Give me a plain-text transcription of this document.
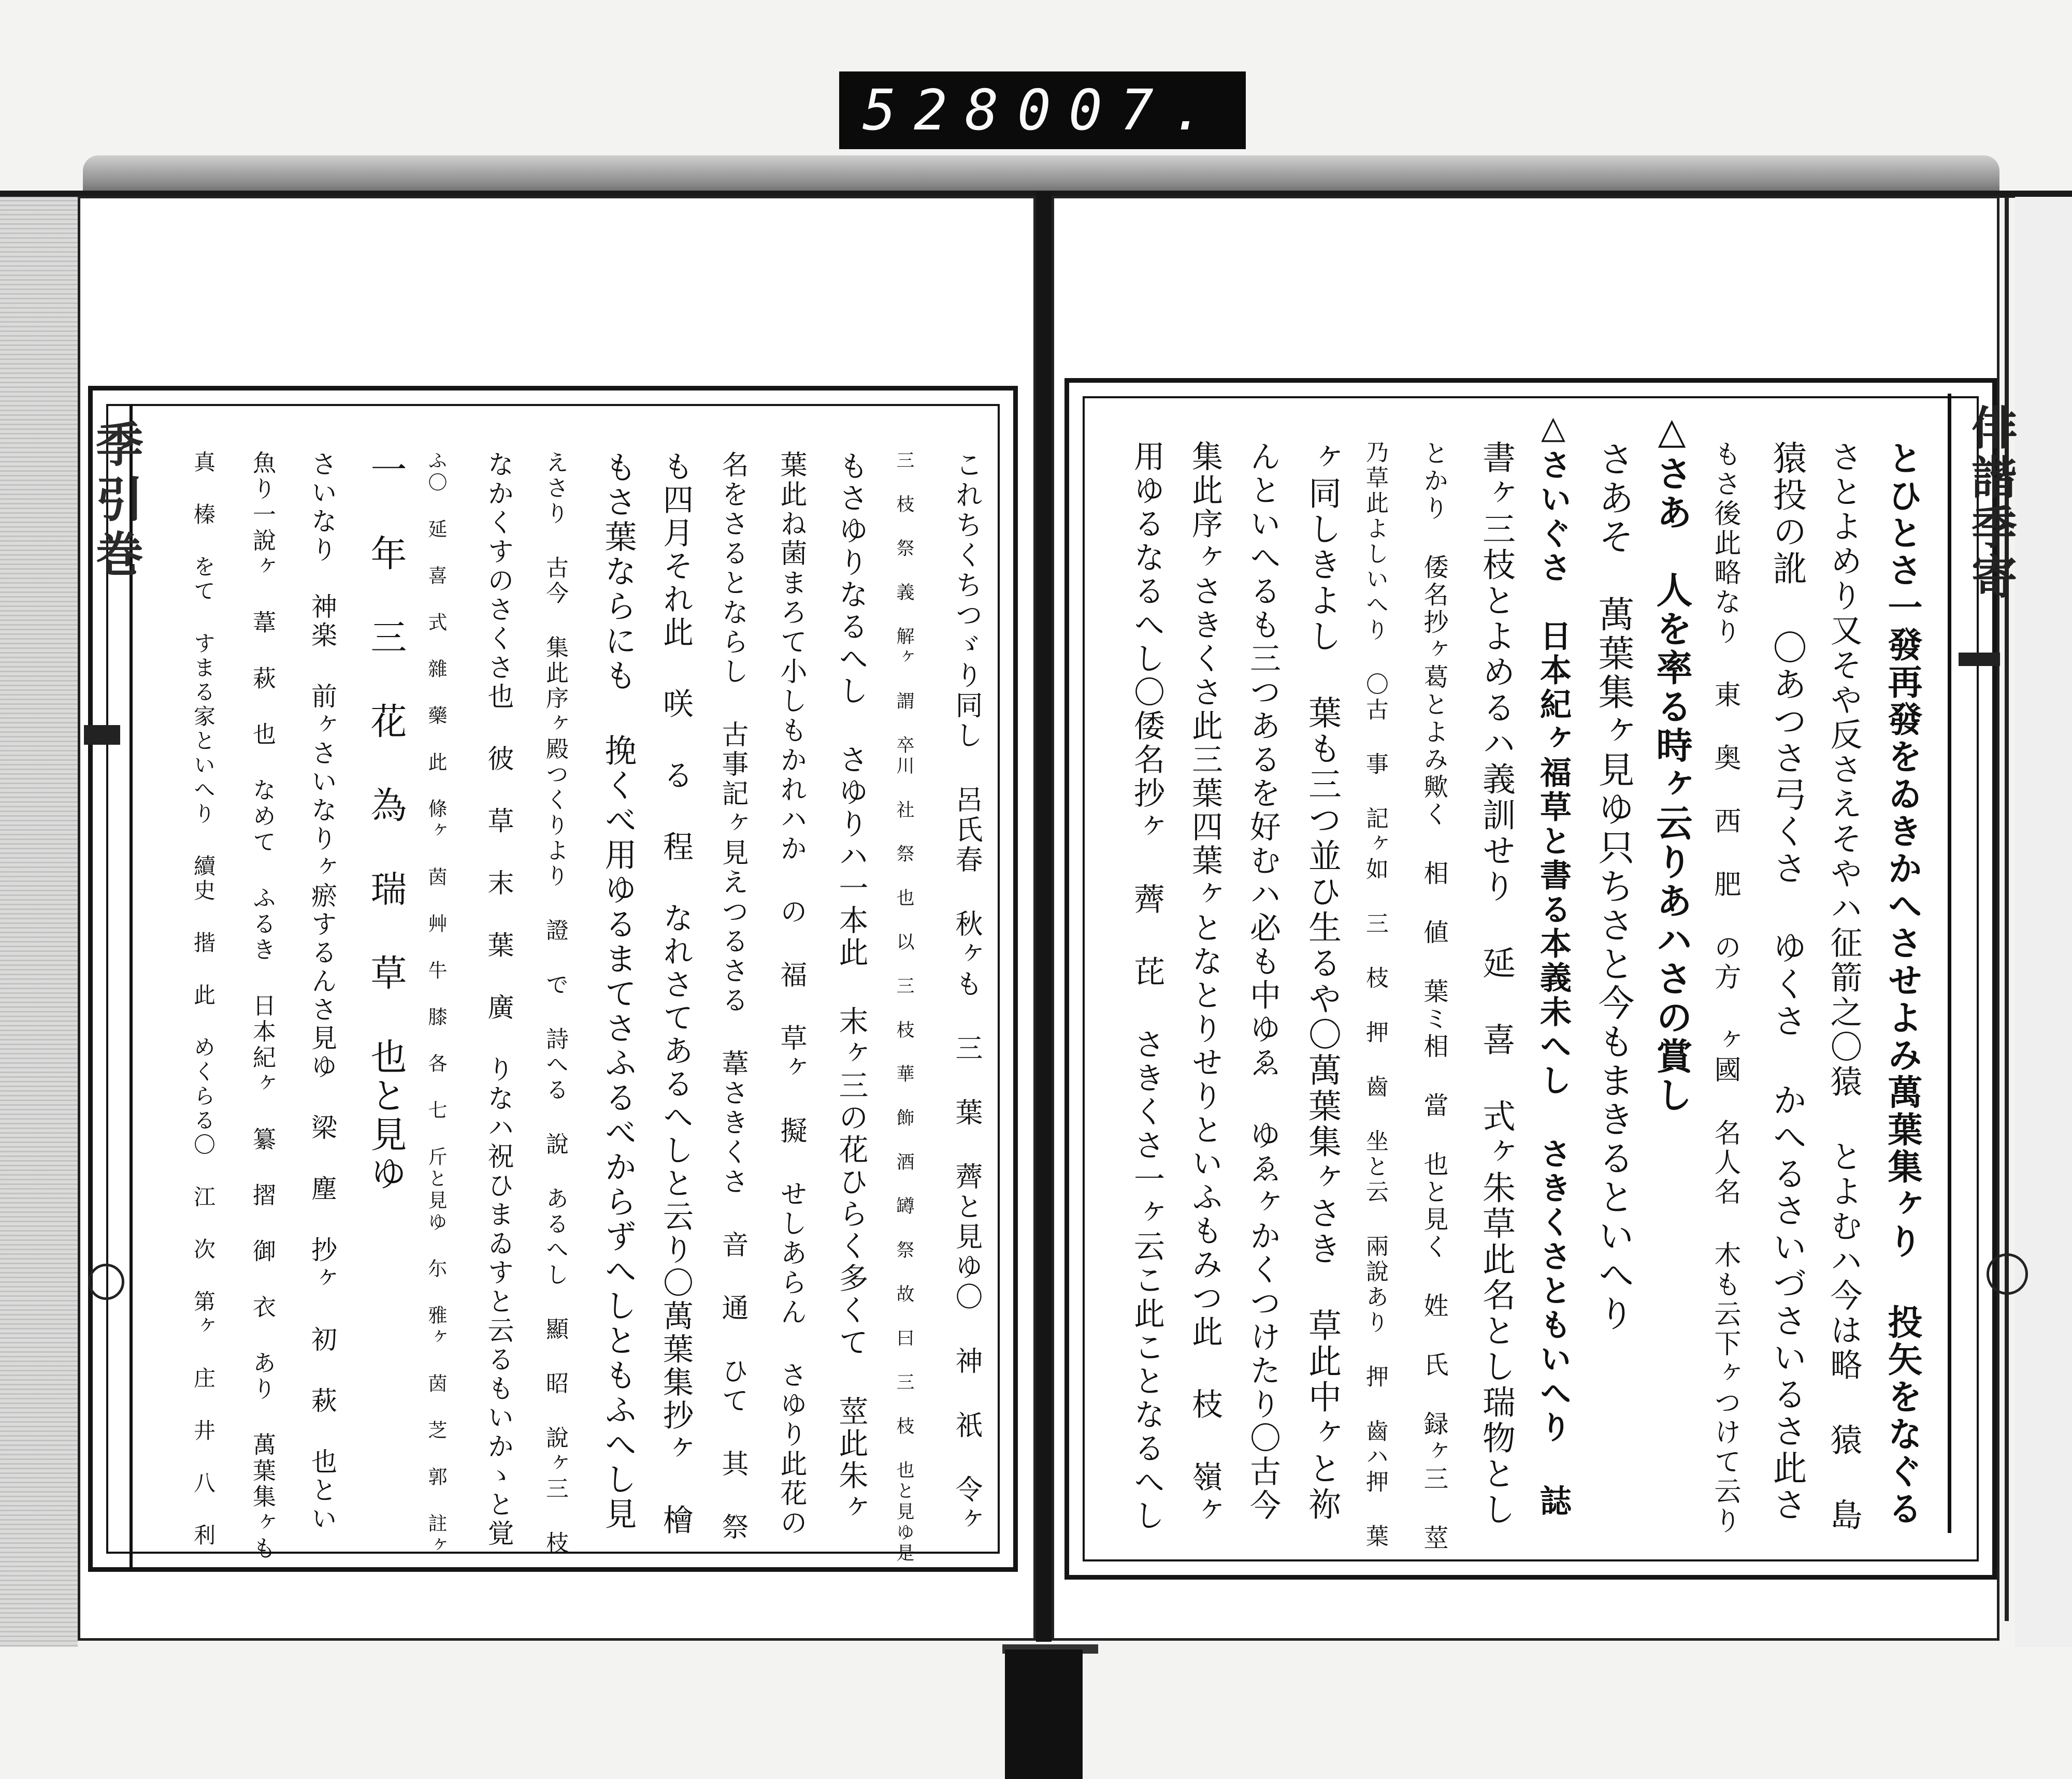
528 007.
季引巻	これちくちつゞり同し 呂氏春 秋ヶも 三 葉 薺と見ゆ〇 神 祇 令ヶ
三 枝 祭 義 解ヶ 謂 卒川 社 祭 也 以 三 枝 華 飾 酒 罇 祭 故 曰 三 枝 也と見ゆ是
もさゆりなるへし さゆりハ一本此 末ヶ三の花ひらく多くて 莖此朱ヶ
葉此ね菌まろて小しもかれハか の 福 草ヶ 擬 せしあらん さゆり此花の
名をさるとならし 古事記ヶ見えつるさる 葦さきくさ 音 通 ひて 其 祭
も四月それ此 咲 る 程 なれさてあるへしと云り〇萬葉集抄ヶ 檜
もさ葉ならにも 挽くべ用ゆるまてさふるべからずへしともふへし見
えさり 古今 集此序ヶ殿つくりより 證 で 詩へる 說 あるへし 顯 昭 說ヶ三 枝
なかくすのさくさ也 彼 草 末 葉 廣 りなハ祝ひまゐすと云るもいかゝと覚
ふ〇 延 喜 式 雜 藥 此 條ヶ 茵 艸 牛 膝 各 七 斤と見ゆ 尓 雅ヶ 茵 芝 郭 註ヶ
一 年 三 花 為 瑞 草 也と見ゆ
さいなり　神楽 前ヶさいなりヶ瘀するんさ見ゆ 梁 塵 抄ヶ 初 萩 也とい
魚り一說ヶ 葦 萩 也 なめて ふるき 日本紀ヶ 纂 摺 御 衣 あり 萬葉集ヶも
真 榛 をて すまる家といへり 續史 揩 此 めくらる〇 江 次 第ヶ 庄 井 八 利	俳諧季寄
とひとさ一發再發をゐきかへさせよみ萬葉集ヶり 投矢をなぐる
さとよめり又そや反さえそやハ征箭之〇猿 とよむハ今は略 猿 島
猿投の訛 〇あつさ弓くさ ゆくさ かへるさいづさいるさ此さ
もさ後此略なり 東 奥 西 肥 の方 ヶ國 名人名 木も云下ヶつけて云り
△さあ　人を率る時ヶ云りあハさの賞し
さあそ　萬葉集ヶ見ゆ只ちさと今もまきるといへり
△さいぐさ　日本紀ヶ福草と書る本義未へし さきくさともいへり 誌
書ヶ三枝とよめるハ義訓せり 延 喜 式ヶ朱草此名とし瑞物とし
とかり 倭名抄ヶ葛とよみ歟く 相 値 葉ミ相 當 也と見く 姓 氏 録ヶ三 莖
乃草此よしいへり 〇古 事 記ヶ如 三 枝 押 齒 坐と云 兩說あり 押 齒ハ押 葉
ヶ同しきよし 葉も三つ並ひ生るや〇萬葉集ヶさき 草此中ヶと祢
んといへるも三つあるを好むハ必も中ゆゑ ゆゑヶかくつけたり〇古今
集此序ヶさきくさ此三葉四葉ヶとなとりせりといふもみつ此 枝 嶺ヶ
用ゆるなるへし〇倭名抄ヶ 薺 芘 さきくさ一ヶ云こ此ことなるへし
